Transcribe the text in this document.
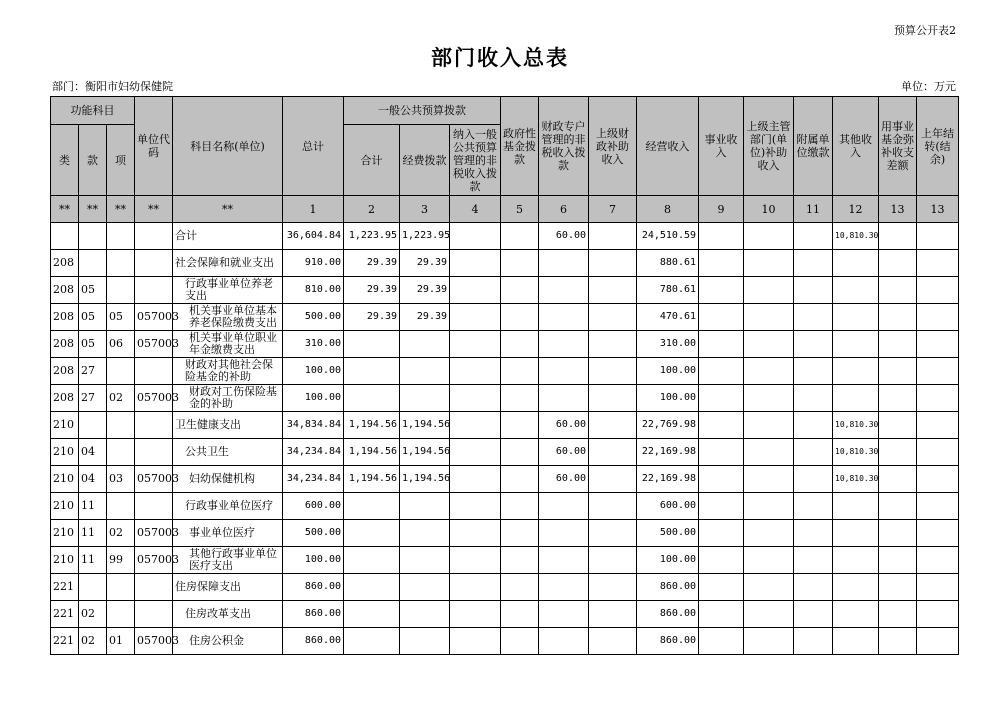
预算公开表2
部门收入总表
部门：衡阳市妇幼保健院	单位：万元
功能科目			单位代码	科目名称(单位)	总计	一般公共预算拨款			政府性基金拨款	财政专户管理的非税收入拨款	上级财政补助收入	经营收入	事业收入	上级主管部门(单位)补助收入	附属单位缴款	其他收入	用事业基金弥补收支差额	上年结转(结余)
类	款	项				合计	经费拨款	纳入一般公共预算管理的非税收入拨款										
**	**	**	**	**	1	2	3	4	5	6	7	8	9	10	11	12	13	13
				合计	36,604.84	1,223.95	1,223.95			60.00		24,510.59				10,810.30		
208				社会保障和就业支出	910.00	29.39	29.39					880.61						
208	05			行政事业单位养老支出	810.00	29.39	29.39					780.61						
208	05	05	057003	机关事业单位基本养老保险缴费支出	500.00	29.39	29.39					470.61						
208	05	06	057003	机关事业单位职业年金缴费支出	310.00							310.00						
208	27			财政对其他社会保险基金的补助	100.00							100.00						
208	27	02	057003	财政对工伤保险基金的补助	100.00							100.00						
210				卫生健康支出	34,834.84	1,194.56	1,194.56			60.00		22,769.98				10,810.30		
210	04			公共卫生	34,234.84	1,194.56	1,194.56			60.00		22,169.98				10,810.30		
210	04	03	057003	妇幼保健机构	34,234.84	1,194.56	1,194.56			60.00		22,169.98				10,810.30		
210	11			行政事业单位医疗	600.00							600.00						
210	11	02	057003	事业单位医疗	500.00							500.00						
210	11	99	057003	其他行政事业单位医疗支出	100.00							100.00						
221				住房保障支出	860.00							860.00						
221	02			住房改革支出	860.00							860.00						
221	02	01	057003	住房公积金	860.00							860.00						
